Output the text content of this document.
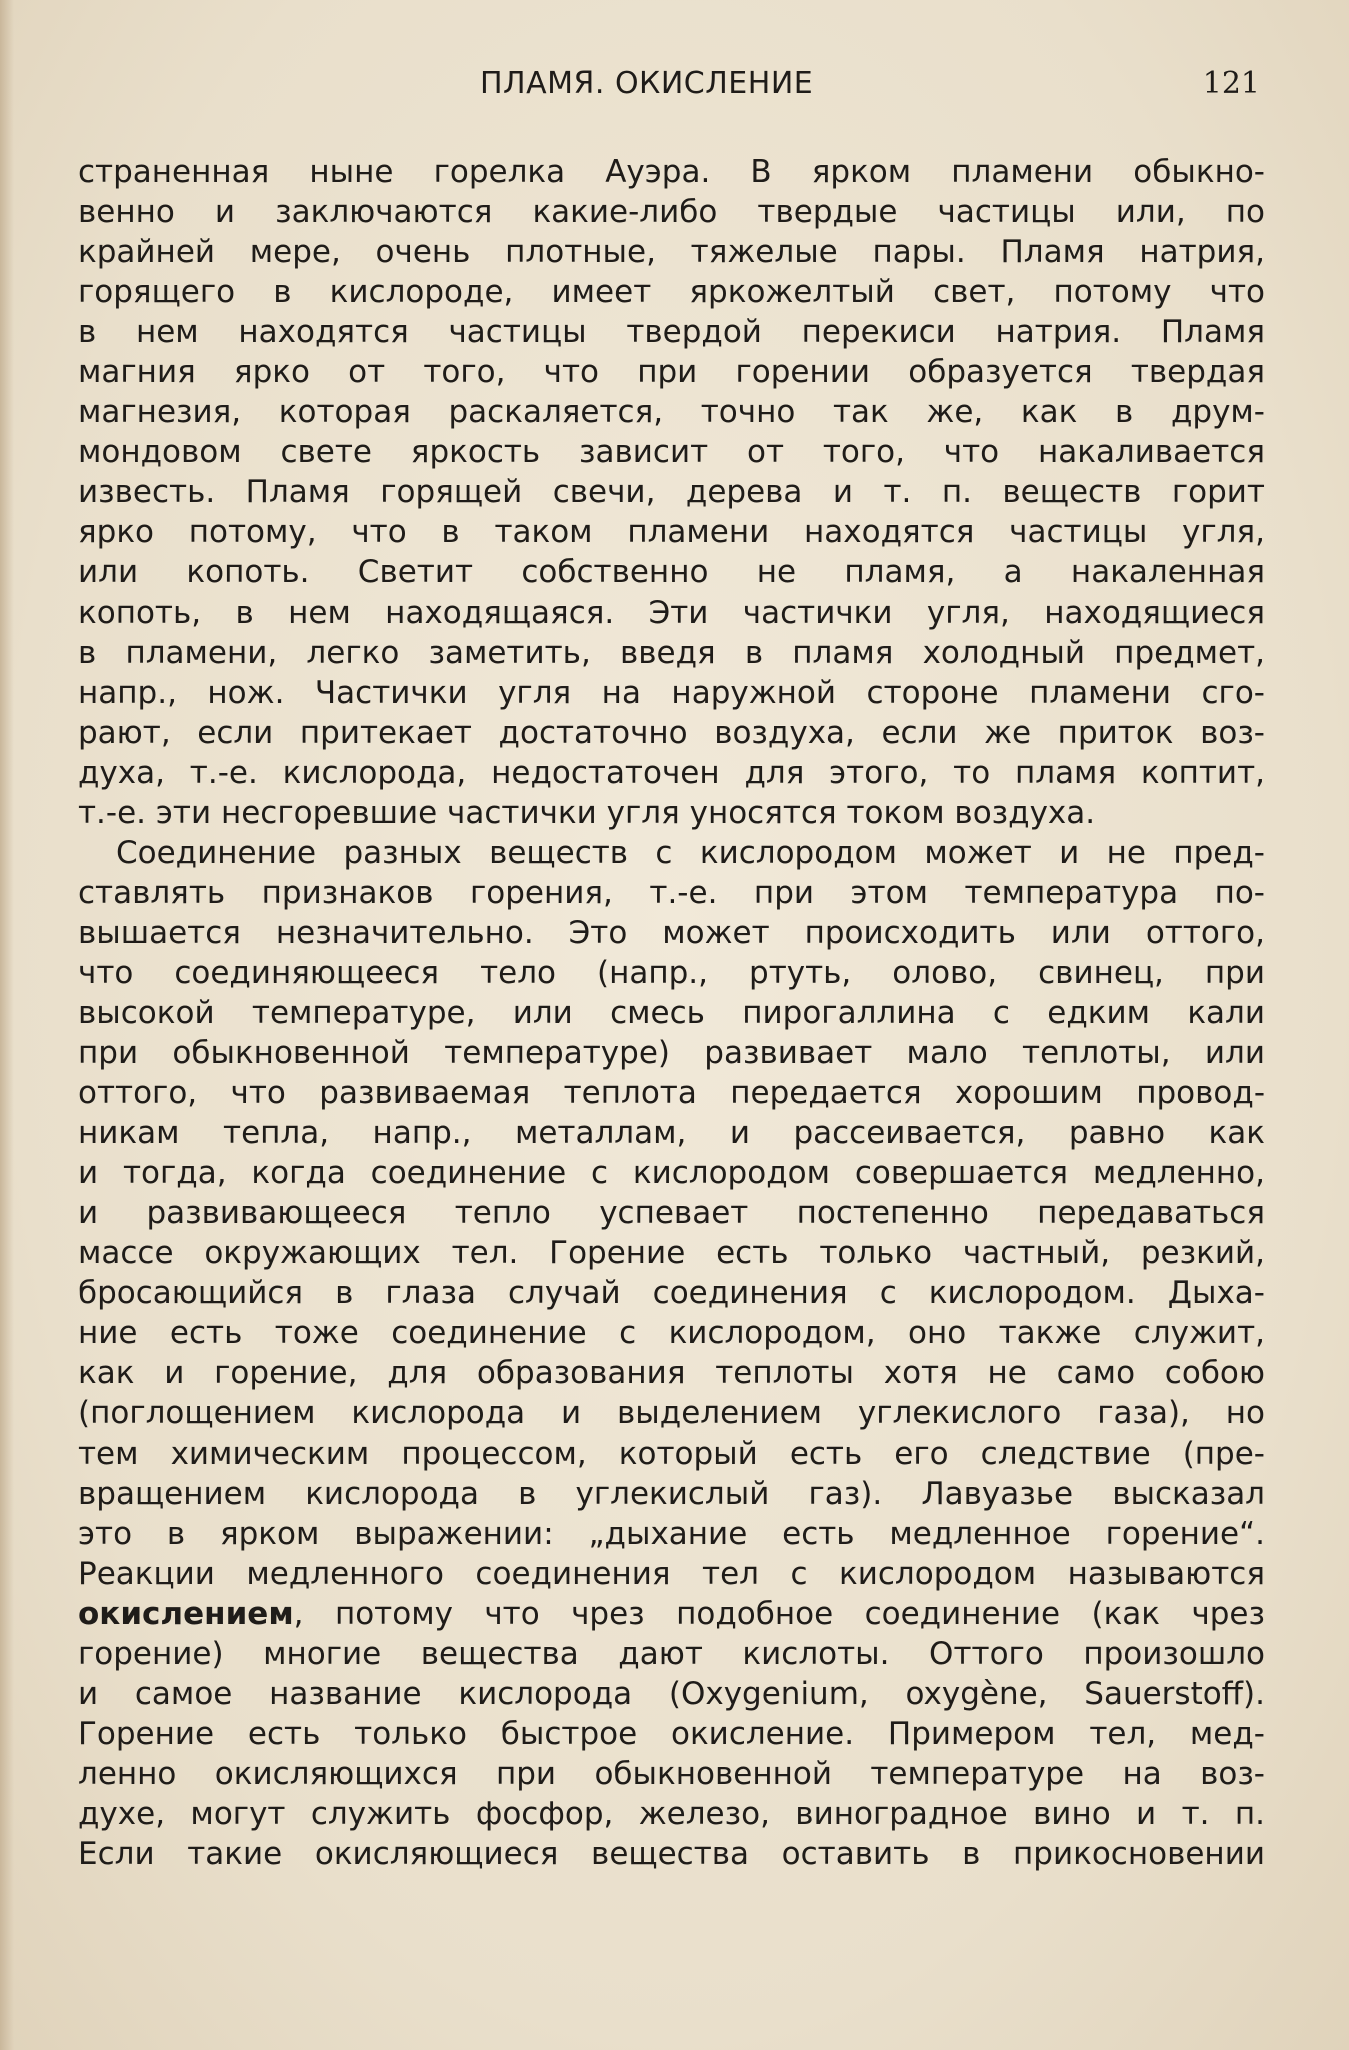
ПЛАМЯ. ОКИСЛЕНИЕ	121
страненная ныне горелка Ауэра. В ярком пламени обыкно-
венно и заключаются какие-либо твердые частицы или, по
крайней мере, очень плотные, тяжелые пары. Пламя натрия,
горящего в кислороде, имеет яркожелтый свет, потому что
в нем находятся частицы твердой перекиси натрия. Пламя
магния ярко от того, что при горении образуется твердая
магнезия, которая раскаляется, точно так же, как в друм-
мондовом свете яркость зависит от того, что накаливается
известь. Пламя горящей свечи, дерева и т. п. веществ горит
ярко потому, что в таком пламени находятся частицы угля,
или копоть. Светит собственно не пламя, а накаленная
копоть, в нем находящаяся. Эти частички угля, находящиеся
в пламени, легко заметить, введя в пламя холодный предмет,
напр., нож. Частички угля на наружной стороне пламени сго-
рают, если притекает достаточно воздуха, если же приток воз-
духа, т.-е. кислорода, недостаточен для этого, то пламя коптит,
т.-е. эти несгоревшие частички угля уносятся током воздуха.
Соединение разных веществ с кислородом может и не пред-
ставлять признаков горения, т.-е. при этом температура по-
вышается незначительно. Это может происходить или оттого,
что соединяющееся тело (напр., ртуть, олово, свинец, при
высокой температуре, или смесь пирогаллина с едким кали
при обыкновенной температуре) развивает мало теплоты, или
оттого, что развиваемая теплота передается хорошим провод-
никам тепла, напр., металлам, и рассеивается, равно как
и тогда, когда соединение с кислородом совершается медленно,
и развивающееся тепло успевает постепенно передаваться
массе окружающих тел. Горение есть только частный, резкий,
бросающийся в глаза случай соединения с кислородом. Дыха-
ние есть тоже соединение с кислородом, оно также служит,
как и горение, для образования теплоты хотя не само собою
(поглощением кислорода и выделением углекислого газа), но
тем химическим процессом, который есть его следствие (пре-
вращением кислорода в углекислый газ). Лавуазье высказал
это в ярком выражении: „дыхание есть медленное горение“.
Реакции медленного соединения тел с кислородом называются
окислением, потому что чрез подобное соединение (как чрез
горение) многие вещества дают кислоты. Оттого произошло
и самое название кислорода (Oxygenium, oxygène, Sauerstoff).
Горение есть только быстрое окисление. Примером тел, мед-
ленно окисляющихся при обыкновенной температуре на воз-
духе, могут служить фосфор, железо, виноградное вино и т. п.
Если такие окисляющиеся вещества оставить в прикосновении
